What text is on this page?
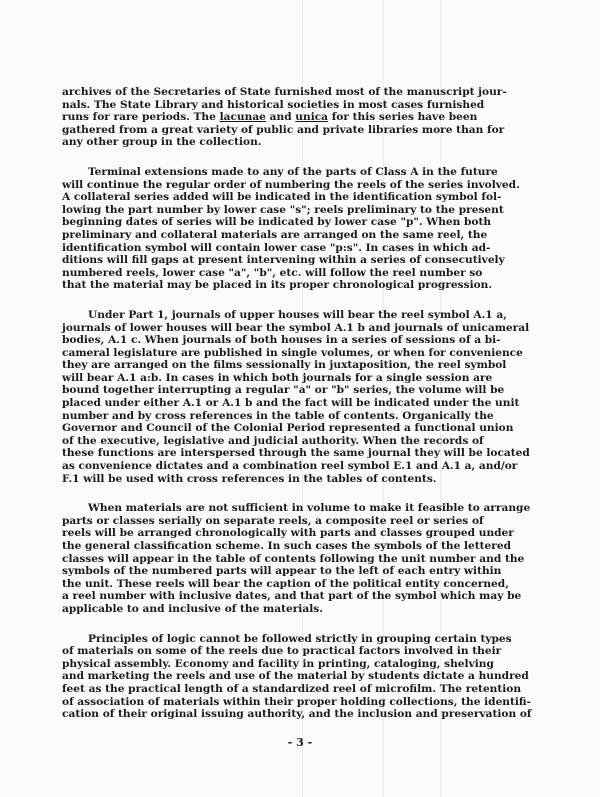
archives of the Secretaries of State furnished most of the manuscript jour-
nals. The State Library and historical societies in most cases furnished
runs for rare periods. The lacunae and unica for this series have been
gathered from a great variety of public and private libraries more than for
any other group in the collection.
Terminal extensions made to any of the parts of Class A in the future
will continue the regular order of numbering the reels of the series involved.
A collateral series added will be indicated in the identification symbol fol-
lowing the part number by lower case "s"; reels preliminary to the present
beginning dates of series will be indicated by lower case "p". When both
preliminary and collateral materials are arranged on the same reel, the
identification symbol will contain lower case "p:s". In cases in which ad-
ditions will fill gaps at present intervening within a series of consecutively
numbered reels, lower case "a", "b", etc. will follow the reel number so
that the material may be placed in its proper chronological progression.
Under Part 1, journals of upper houses will bear the reel symbol A.1 a,
journals of lower houses will bear the symbol A.1 b and journals of unicameral
bodies, A.1 c. When journals of both houses in a series of sessions of a bi-
cameral legislature are published in single volumes, or when for convenience
they are arranged on the films sessionally in juxtaposition, the reel symbol
will bear A.1 a:b. In cases in which both journals for a single session are
bound together interrupting a regular "a" or "b" series, the volume will be
placed under either A.1 or A.1 b and the fact will be indicated under the unit
number and by cross references in the table of contents. Organically the
Governor and Council of the Colonial Period represented a functional union
of the executive, legislative and judicial authority. When the records of
these functions are interspersed through the same journal they will be located
as convenience dictates and a combination reel symbol E.1 and A.1 a, and/or
F.1 will be used with cross references in the tables of contents.
When materials are not sufficient in volume to make it feasible to arrange
parts or classes serially on separate reels, a composite reel or series of
reels will be arranged chronologically with parts and classes grouped under
the general classification scheme. In such cases the symbols of the lettered
classes will appear in the table of contents following the unit number and the
symbols of the numbered parts will appear to the left of each entry within
the unit. These reels will bear the caption of the political entity concerned,
a reel number with inclusive dates, and that part of the symbol which may be
applicable to and inclusive of the materials.
Principles of logic cannot be followed strictly in grouping certain types
of materials on some of the reels due to practical factors involved in their
physical assembly. Economy and facility in printing, cataloging, shelving
and marketing the reels and use of the material by students dictate a hundred
feet as the practical length of a standardized reel of microfilm. The retention
of association of materials within their proper holding collections, the identifi-
cation of their original issuing authority, and the inclusion and preservation of
- 3 -
